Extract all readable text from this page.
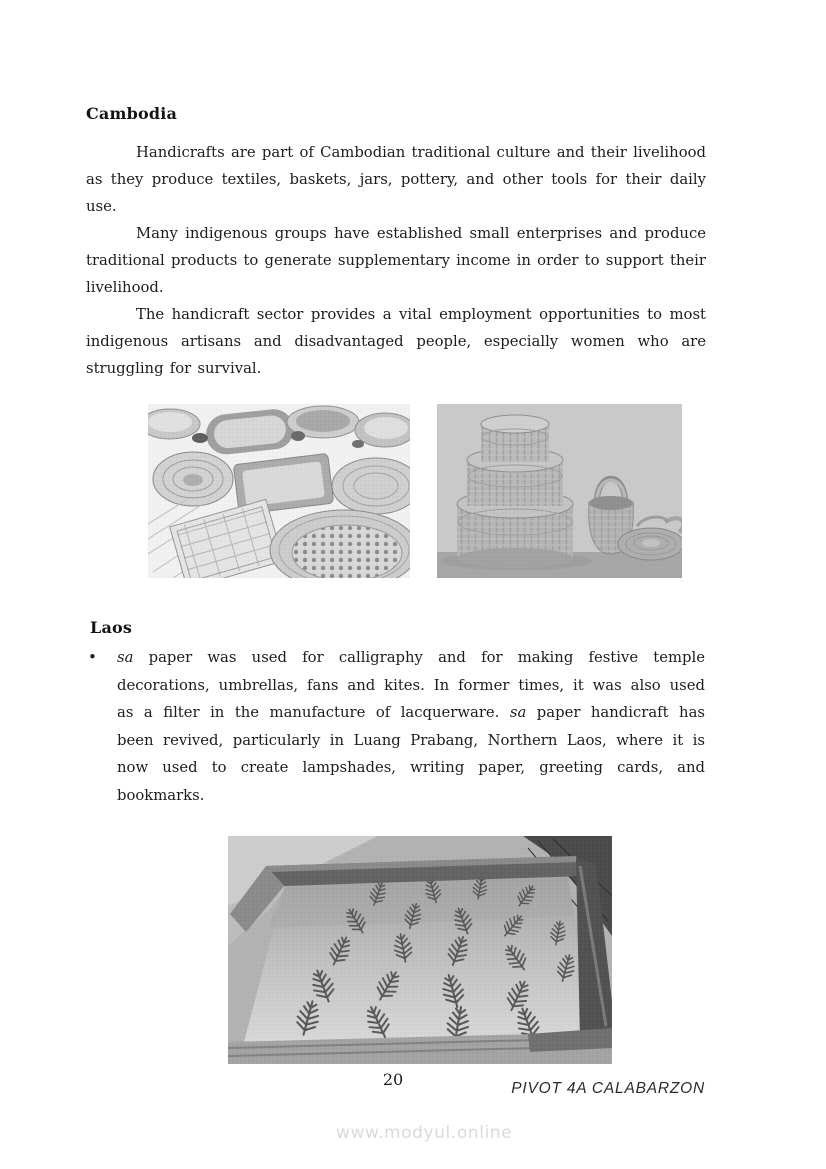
Cambodia

Handicrafts are part of Cambodian traditional culture and their livelihood as they produce textiles, baskets, jars, pottery, and other tools for their daily use.

Many indigenous groups have established small enterprises and produce traditional products to generate supplementary income in order to support their livelihood.

The handicraft sector provides a vital employment opportunities to most indigenous artisans and disadvantaged people, especially women who are struggling for survival.

Laos
• sa paper was used for calligraphy and for making festive temple decorations, umbrellas, fans and kites. In former times, it was also used as a filter in the manufacture of lacquerware. sa paper handicraft has been revived, particularly in Luang Prabang, Northern Laos, where it is now used to create lampshades, writing paper, greeting cards, and bookmarks.

20	PIVOT 4A CALABARZON
www.modyul.online
